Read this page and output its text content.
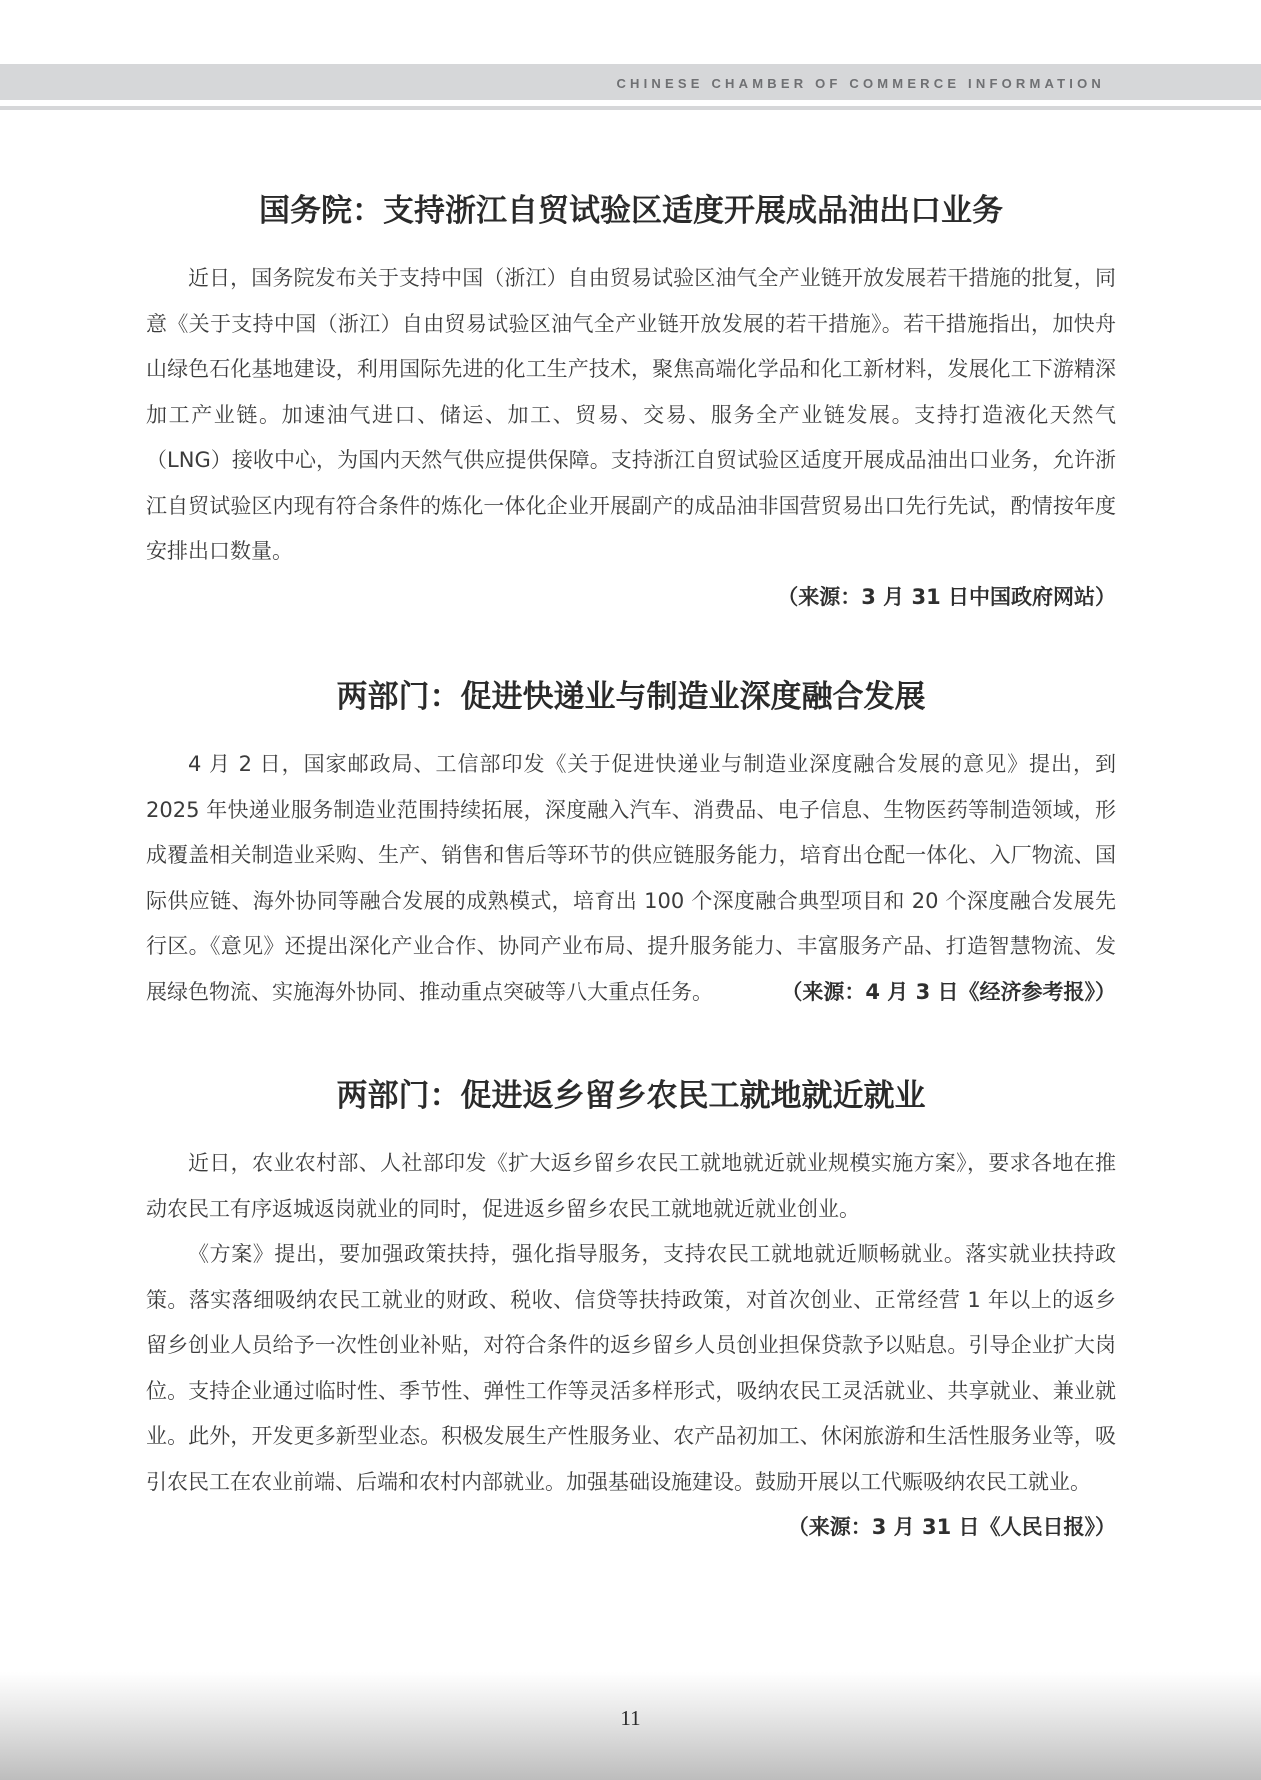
CHINESE CHAMBER OF COMMERCE INFORMATION
国务院：支持浙江自贸试验区适度开展成品油出口业务

近日，国务院发布关于支持中国（浙江）自由贸易试验区油气全产业链开放发展若干措施的批复，同意《关于支持中国（浙江）自由贸易试验区油气全产业链开放发展的若干措施》。若干措施指出，加快舟山绿色石化基地建设，利用国际先进的化工生产技术，聚焦高端化学品和化工新材料，发展化工下游精深加工产业链。加速油气进口、储运、加工、贸易、交易、服务全产业链发展。支持打造液化天然气（LNG）接收中心，为国内天然气供应提供保障。支持浙江自贸试验区适度开展成品油出口业务，允许浙江自贸试验区内现有符合条件的炼化一体化企业开展副产的成品油非国营贸易出口先行先试，酌情按年度安排出口数量。

（来源：3 月 31 日中国政府网站）

两部门：促进快递业与制造业深度融合发展

4 月 2 日，国家邮政局、工信部印发《关于促进快递业与制造业深度融合发展的意见》提出，到 2025 年快递业服务制造业范围持续拓展，深度融入汽车、消费品、电子信息、生物医药等制造领域，形成覆盖相关制造业采购、生产、销售和售后等环节的供应链服务能力，培育出仓配一体化、入厂物流、国际供应链、海外协同等融合发展的成熟模式，培育出 100 个深度融合典型项目和 20 个深度融合发展先行区。《意见》还提出深化产业合作、协同产业布局、提升服务能力、丰富服务产品、打造智慧物流、发展绿色物流、实施海外协同、推动重点突破等八大重点任务。	（来源：4 月 3 日《经济参考报》）

两部门：促进返乡留乡农民工就地就近就业

近日，农业农村部、人社部印发《扩大返乡留乡农民工就地就近就业规模实施方案》，要求各地在推动农民工有序返城返岗就业的同时，促进返乡留乡农民工就地就近就业创业。

《方案》提出，要加强政策扶持，强化指导服务，支持农民工就地就近顺畅就业。落实就业扶持政策。落实落细吸纳农民工就业的财政、税收、信贷等扶持政策，对首次创业、正常经营 1 年以上的返乡留乡创业人员给予一次性创业补贴，对符合条件的返乡留乡人员创业担保贷款予以贴息。引导企业扩大岗位。支持企业通过临时性、季节性、弹性工作等灵活多样形式，吸纳农民工灵活就业、共享就业、兼业就业。此外，开发更多新型业态。积极发展生产性服务业、农产品初加工、休闲旅游和生活性服务业等，吸引农民工在农业前端、后端和农村内部就业。加强基础设施建设。鼓励开展以工代赈吸纳农民工就业。

（来源：3 月 31 日《人民日报》）

11
